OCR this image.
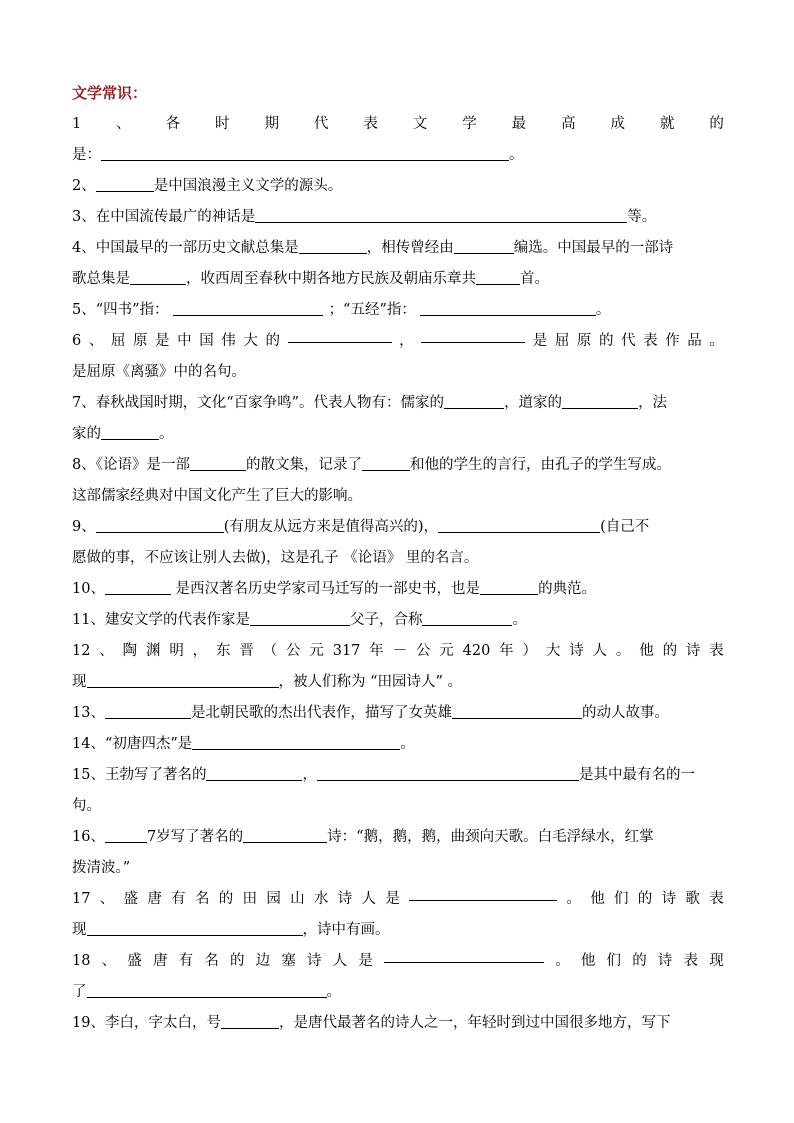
文学常识：
1 、 各 时 期 代 表 文 学 最 高 成 就 的
是：	。
2、	是中国浪漫主义文学的源头。
3、在中国流传最广的神话是	等。
4、中国最早的一部历史文献总集是	，相传曾经由	编选。中国最早的一部诗
歌总集是	，收西周至春秋中期各地方民族及朝庙乐章共	首。
5、“四书”指：	；“五经”指：	。
6 、 屈 原 是 中 国 伟 大 的	，	是 屈 原 的 代 表 作 品 。
是屈原《离骚》中的名句。
7、春秋战国时期，文化“百家争鸣”。代表人物有：儒家的	，道家的	，法
家的	。
8、《论语》是一部	的散文集，记录了	和他的学生的言行，由孔子的学生写成。
这部儒家经典对中国文化产生了巨大的影响。
9、	(有朋友从远方来是值得高兴的)，	(自己不
愿做的事，不应该让别人去做)，这是孔子 《论语》 里的名言。
10、	是西汉著名历史学家司马迁写的一部史书，也是	的典范。
11、建安文学的代表作家是	父子，合称	。
12 、 陶 渊 明 ， 东 晋 （ 公 元 317 年 － 公 元 420 年 ） 大 诗 人 。 他 的 诗 表
现	，被人们称为 “田园诗人” 。
13、	是北朝民歌的杰出代表作，描写了女英雄	的动人故事。
14、“初唐四杰”是	。
15、王勃写了著名的	，	是其中最有名的一
句。
16、	7岁写了著名的	诗：“鹅，鹅，鹅，曲颈向天歌。白毛浮绿水，红掌
拨清波。”
17 、 盛 唐 有 名 的 田 园 山 水 诗 人 是	。 他 们 的 诗 歌 表
现	，诗中有画。
18 、 盛 唐 有 名 的 边 塞 诗 人 是	。 他 们 的 诗 表 现
了	。
19、李白，字太白，号	，是唐代最著名的诗人之一，年轻时到过中国很多地方，写下
